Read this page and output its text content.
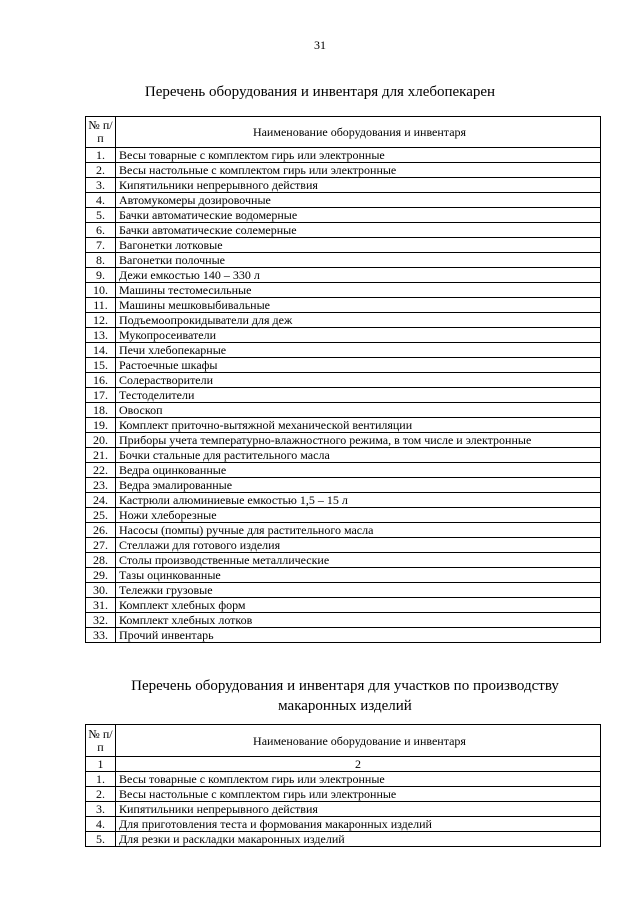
31
Перечень оборудования и инвентаря для хлебопекарен
№ п/п	Наименование оборудования и инвентаря
1.	Весы товарные с комплектом гирь или электронные
2.	Весы настольные с комплектом гирь или электронные
3.	Кипятильники непрерывного действия
4.	Автомукомеры дозировочные
5.	Бачки автоматические водомерные
6.	Бачки автоматические солемерные
7.	Вагонетки лотковые
8.	Вагонетки полочные
9.	Дежи емкостью 140 – 330 л
10.	Машины тестомесильные
11.	Машины мешковыбивальные
12.	Подъемоопрокидыватели для деж
13.	Мукопросеиватели
14.	Печи хлебопекарные
15.	Растоечные шкафы
16.	Солерастворители
17.	Тестоделители
18.	Овоскоп
19.	Комплект приточно-вытяжной механической вентиляции
20.	Приборы учета температурно-влажностного режима, в том числе и электронные
21.	Бочки стальные для растительного масла
22.	Ведра оцинкованные
23.	Ведра эмалированные
24.	Кастрюли алюминиевые емкостью 1,5 – 15 л
25.	Ножи хлеборезные
26.	Насосы (помпы) ручные для растительного масла
27.	Стеллажи для готового изделия
28.	Столы производственные металлические
29.	Тазы оцинкованные
30.	Тележки грузовые
31.	Комплект хлебных форм
32.	Комплект хлебных лотков
33.	Прочий инвентарь
Перечень оборудования и инвентаря для участков по производству
макаронных изделий
№ п/п	Наименование оборудование и инвентаря
1	2
1.	Весы товарные с комплектом гирь или электронные
2.	Весы настольные с комплектом гирь или электронные
3.	Кипятильники непрерывного действия
4.	Для приготовления теста и формования макаронных изделий
5.	Для резки и раскладки макаронных изделий
